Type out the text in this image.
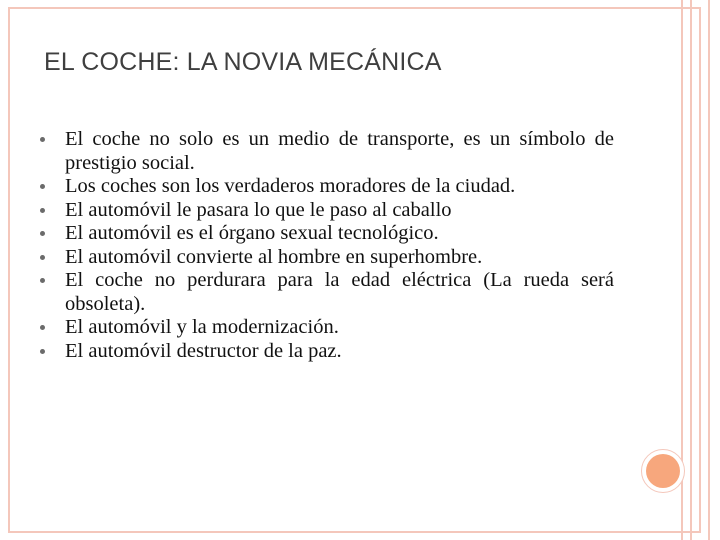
EL COCHE: LA NOVIA MECÁNICA
El coche no solo es un medio de transporte, es un símbolo de prestigio social.
Los coches son los verdaderos moradores de la ciudad.
El automóvil le pasara lo que le paso al caballo
El automóvil es el órgano sexual tecnológico.
El automóvil convierte al hombre en superhombre.
El coche no perdurara para la edad eléctrica (La rueda será obsoleta).
El automóvil y la modernización.
El automóvil destructor de la paz.
